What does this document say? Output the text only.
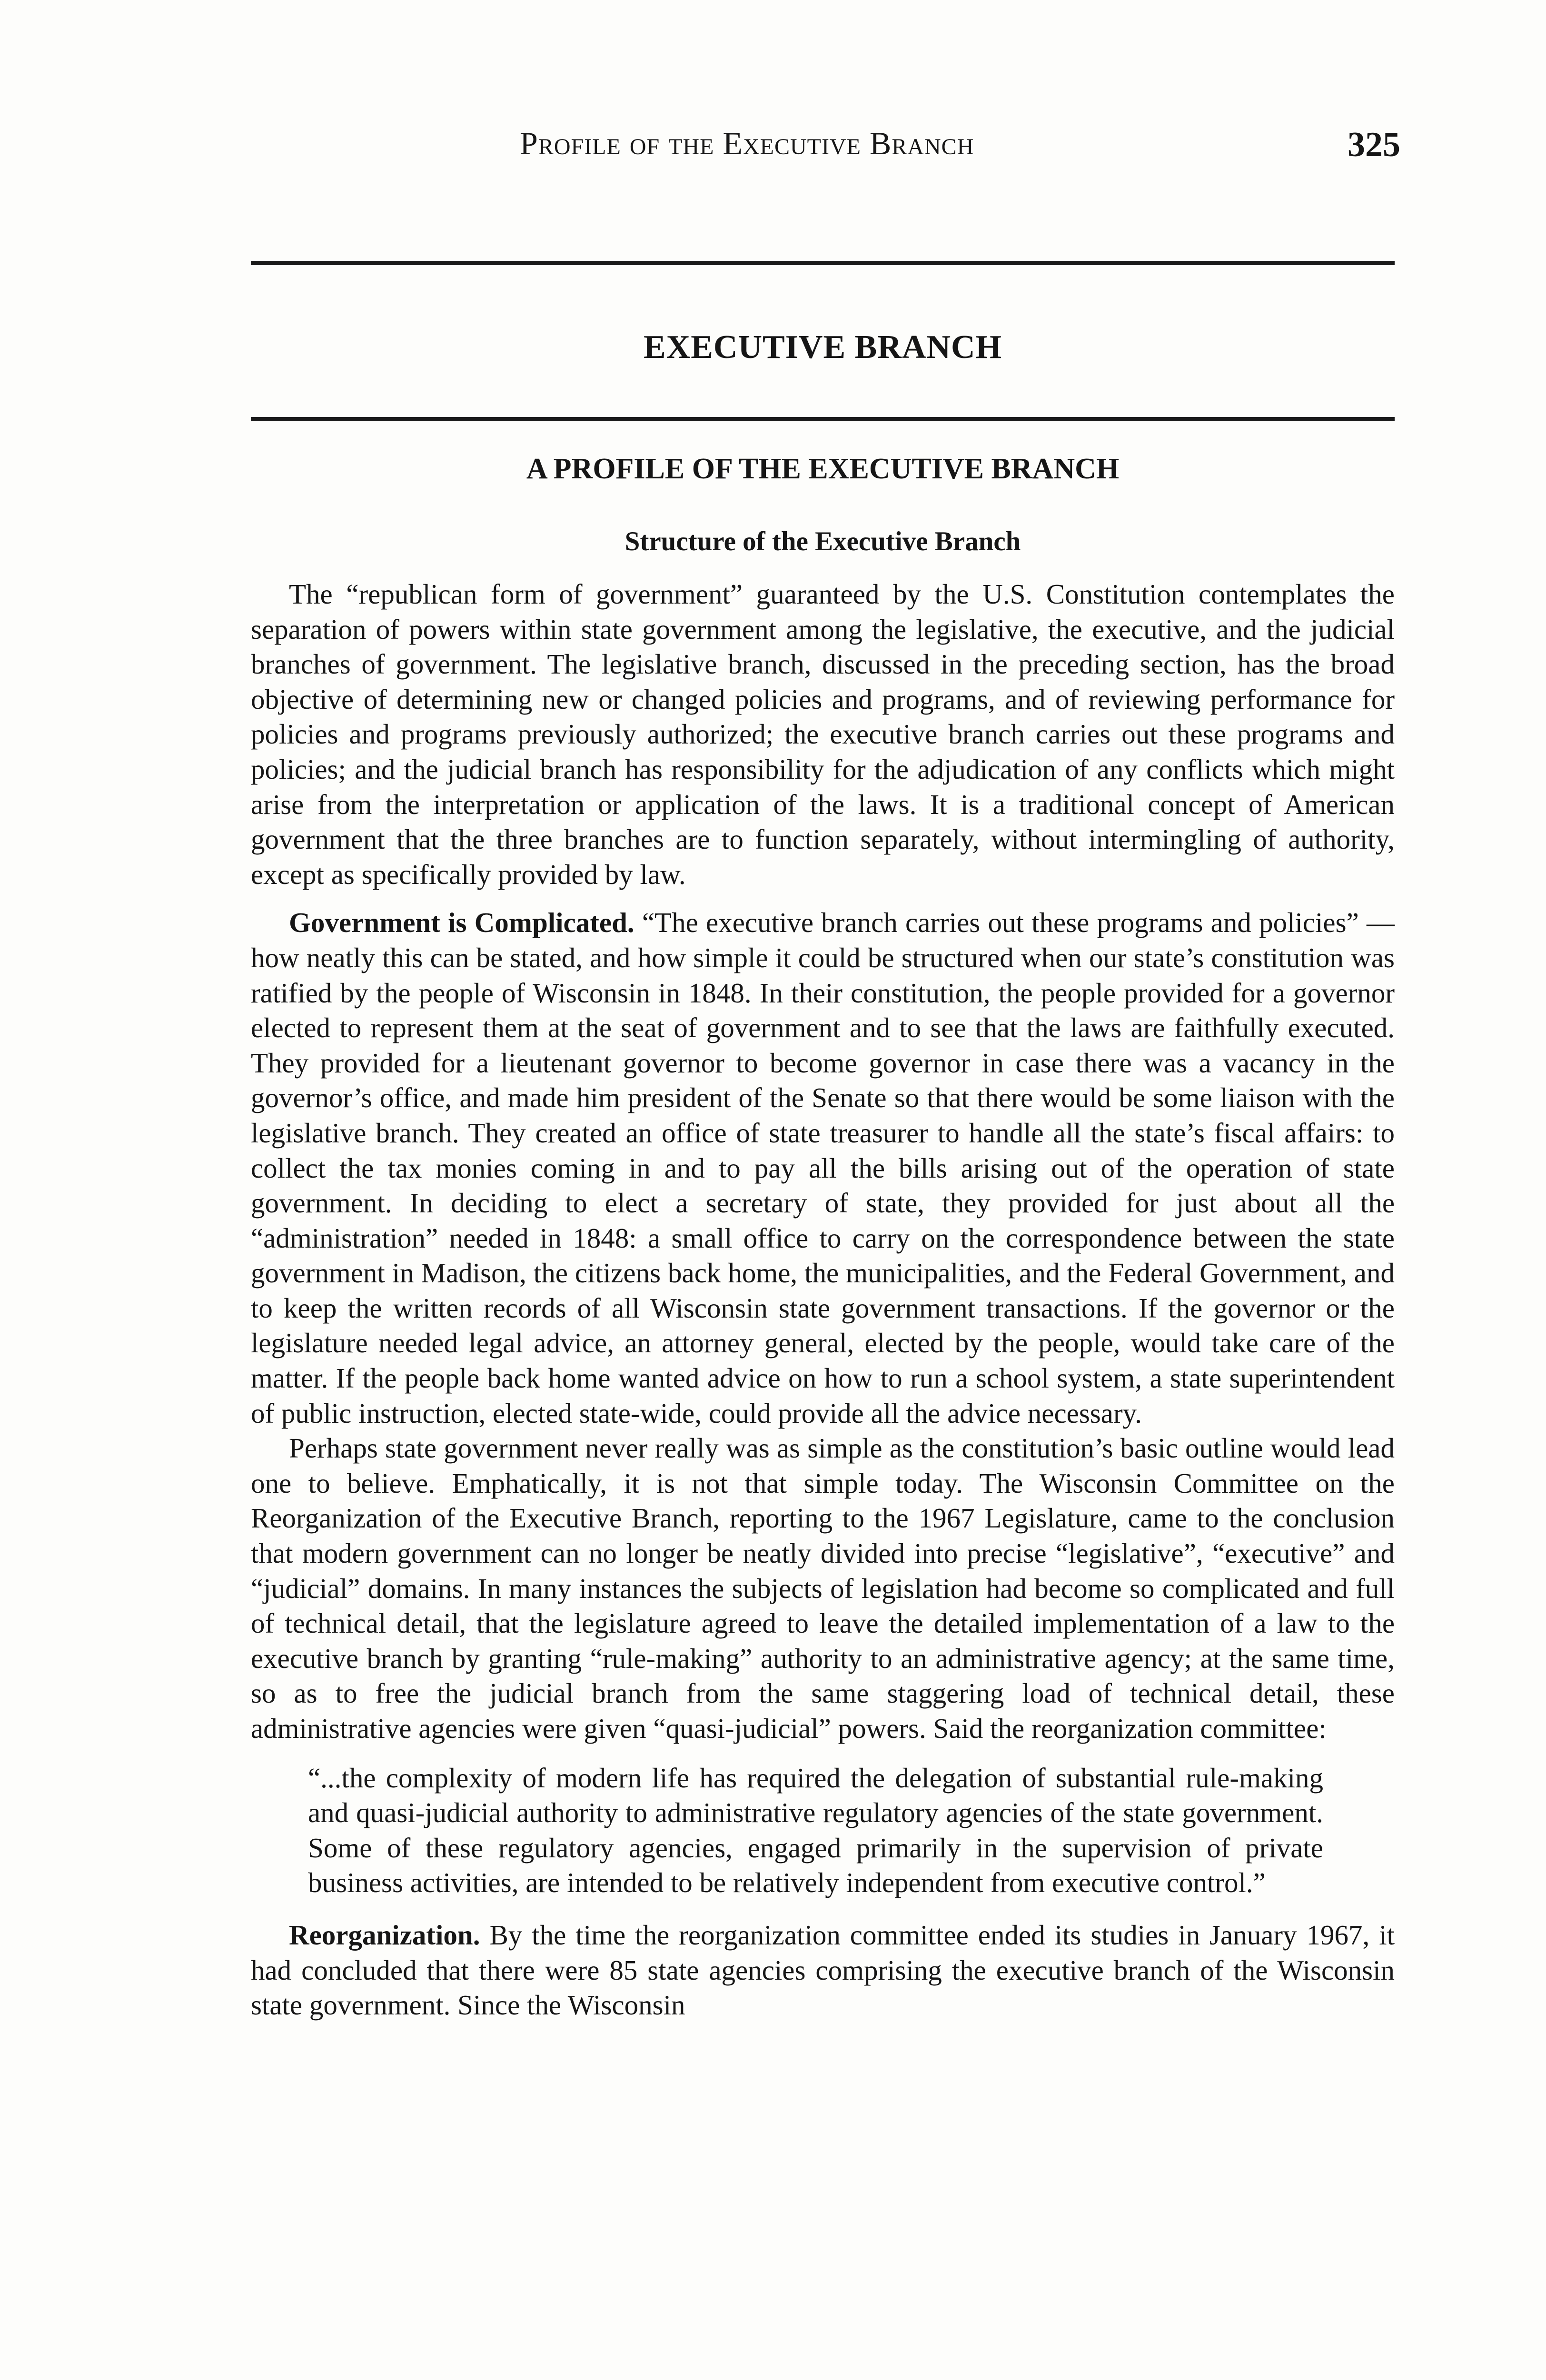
Profile of the Executive Branch	325
EXECUTIVE BRANCH
A PROFILE OF THE EXECUTIVE BRANCH
Structure of the Executive Branch

The “republican form of government” guaranteed by the U.S. Constitution contemplates the separation of powers within state government among the legislative, the executive, and the judicial branches of government. The legislative branch, discussed in the preceding section, has the broad objective of determining new or changed policies and programs, and of reviewing performance for policies and programs previously authorized; the executive branch carries out these programs and policies; and the judicial branch has responsibility for the adjudication of any conflicts which might arise from the interpretation or application of the laws. It is a traditional concept of American government that the three branches are to function separately, without intermingling of authority, except as specifically provided by law.

Government is Complicated. “The executive branch carries out these programs and policies” — how neatly this can be stated, and how simple it could be structured when our state’s constitution was ratified by the people of Wisconsin in 1848. In their constitution, the people provided for a governor elected to represent them at the seat of government and to see that the laws are faithfully executed. They provided for a lieutenant governor to become governor in case there was a vacancy in the governor’s office, and made him president of the Senate so that there would be some liaison with the legislative branch. They created an office of state treasurer to handle all the state’s fiscal affairs: to collect the tax monies coming in and to pay all the bills arising out of the operation of state government. In deciding to elect a secretary of state, they provided for just about all the “administration” needed in 1848: a small office to carry on the correspondence between the state government in Madison, the citizens back home, the municipalities, and the Federal Government, and to keep the written records of all Wisconsin state government transactions. If the governor or the legislature needed legal advice, an attorney general, elected by the people, would take care of the matter. If the people back home wanted advice on how to run a school system, a state superintendent of public instruction, elected state-wide, could provide all the advice necessary.

Perhaps state government never really was as simple as the constitution’s basic outline would lead one to believe. Emphatically, it is not that simple today. The Wisconsin Committee on the Reorganization of the Executive Branch, reporting to the 1967 Legislature, came to the conclusion that modern government can no longer be neatly divided into precise “legislative”, “executive” and “judicial” domains. In many instances the subjects of legislation had become so complicated and full of technical detail, that the legislature agreed to leave the detailed implementation of a law to the executive branch by granting “rule-making” authority to an administrative agency; at the same time, so as to free the judicial branch from the same staggering load of technical detail, these administrative agencies were given “quasi-judicial” powers. Said the reorganization committee:

“...the complexity of modern life has required the delegation of substantial rule-making and quasi-judicial authority to administrative regulatory agencies of the state government. Some of these regulatory agencies, engaged primarily in the supervision of private business activities, are intended to be relatively independent from executive control.”

Reorganization. By the time the reorganization committee ended its studies in January 1967, it had concluded that there were 85 state agencies comprising the executive branch of the Wisconsin state government. Since the Wisconsin
